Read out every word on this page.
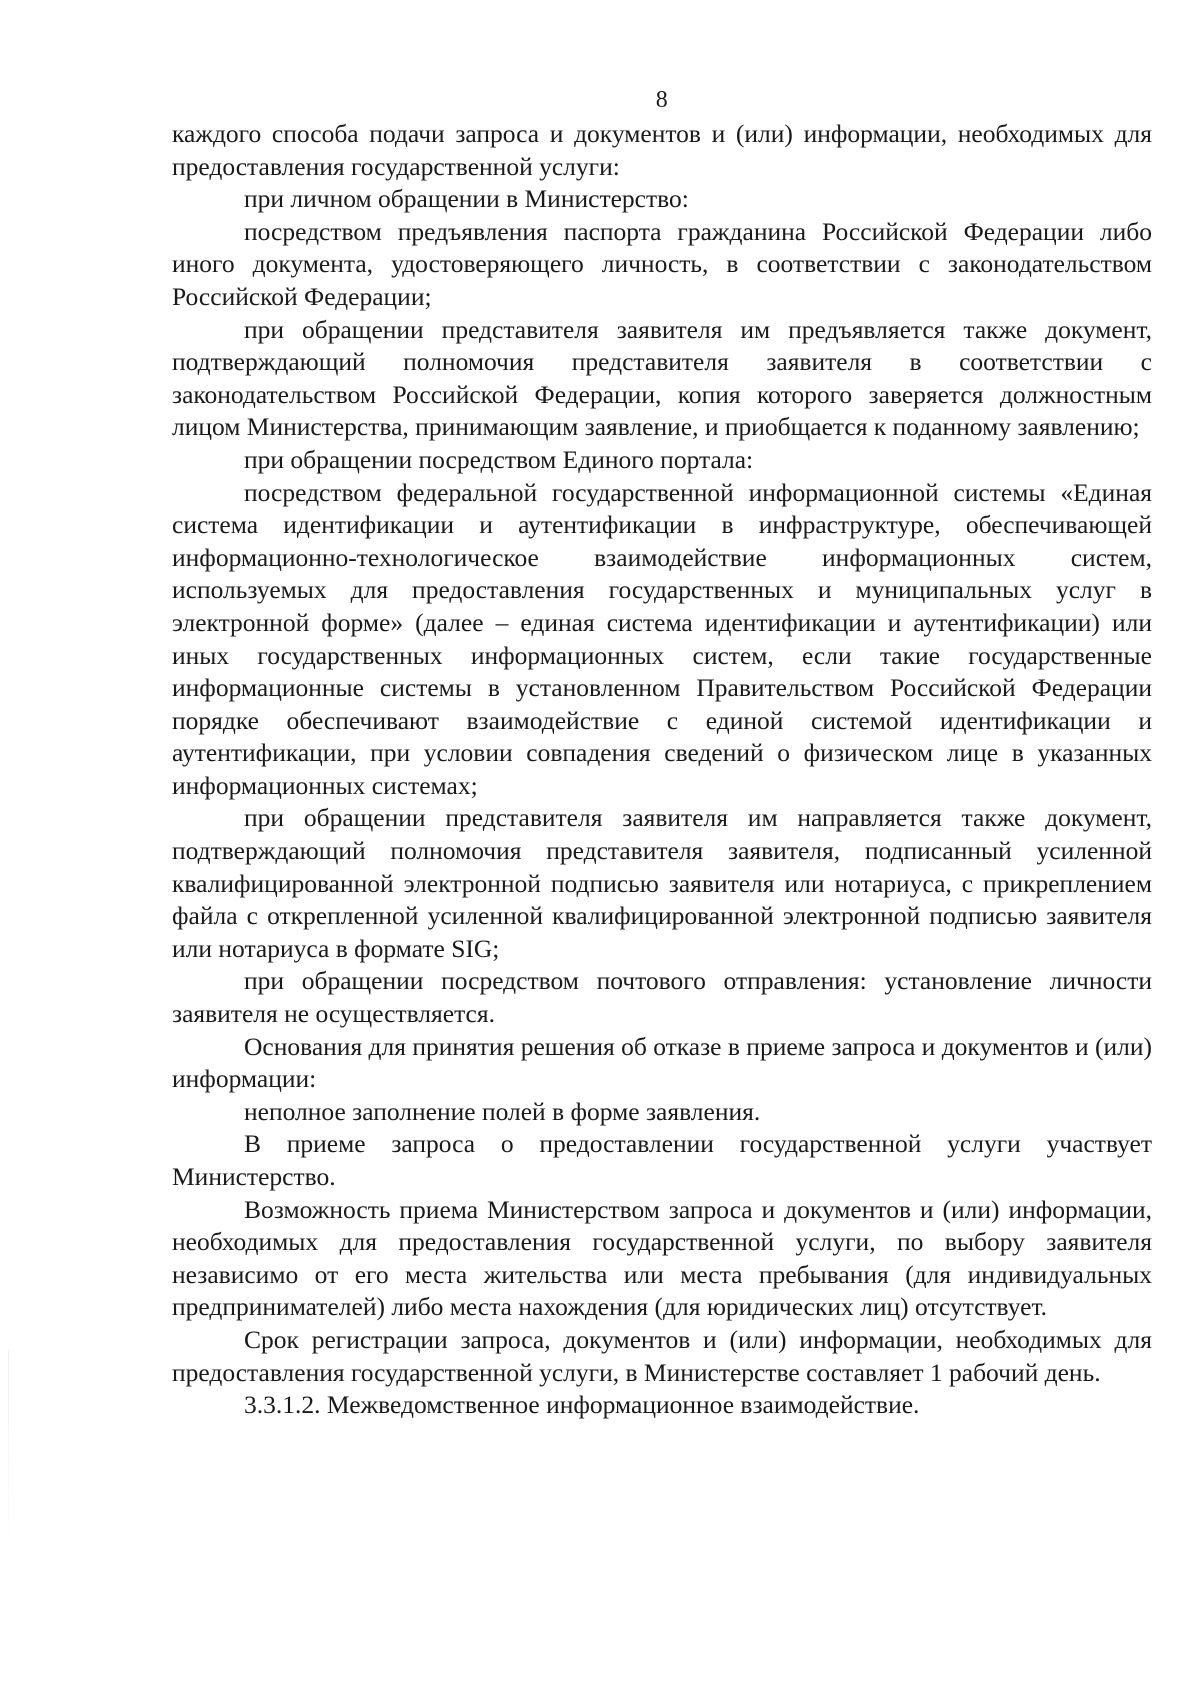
8

каждого способа подачи запроса и документов и (или) информации, необходимых для предоставления государственной услуги:

при личном обращении в Министерство:

посредством предъявления паспорта гражданина Российской Федерации либо иного документа, удостоверяющего личность, в соответствии с законодательством Российской Федерации;

при обращении представителя заявителя им предъявляется также документ, подтверждающий полномочия представителя заявителя в соответствии с законодательством Российской Федерации, копия которого заверяется должностным лицом Министерства, принимающим заявление, и приобщается к поданному заявлению;

при обращении посредством Единого портала:

посредством федеральной государственной информационной системы «Единая система идентификации и аутентификации в инфраструктуре, обеспечивающей информационно-технологическое взаимодействие информационных систем, используемых для предоставления государственных и муниципальных услуг в электронной форме» (далее – единая система идентификации и аутентификации) или иных государственных информационных систем, если такие государственные информационные системы в установленном Правительством Российской Федерации порядке обеспечивают взаимодействие с единой системой идентификации и аутентификации, при условии совпадения сведений о физическом лице в указанных информационных системах;

при обращении представителя заявителя им направляется также документ, подтверждающий полномочия представителя заявителя, подписанный усиленной квалифицированной электронной подписью заявителя или нотариуса, с прикреплением файла с открепленной усиленной квалифицированной электронной подписью заявителя или нотариуса в формате SIG;

при обращении посредством почтового отправления: установление личности заявителя не осуществляется.

Основания для принятия решения об отказе в приеме запроса и документов и (или) информации:

неполное заполнение полей в форме заявления.

В приеме запроса о предоставлении государственной услуги участвует Министерство.

Возможность приема Министерством запроса и документов и (или) информации, необходимых для предоставления государственной услуги, по выбору заявителя независимо от его места жительства или места пребывания (для индивидуальных предпринимателей) либо места нахождения (для юридических лиц) отсутствует.

Срок регистрации запроса, документов и (или) информации, необходимых для предоставления государственной услуги, в Министерстве составляет 1 рабочий день.

3.3.1.2. Межведомственное информационное взаимодействие.
